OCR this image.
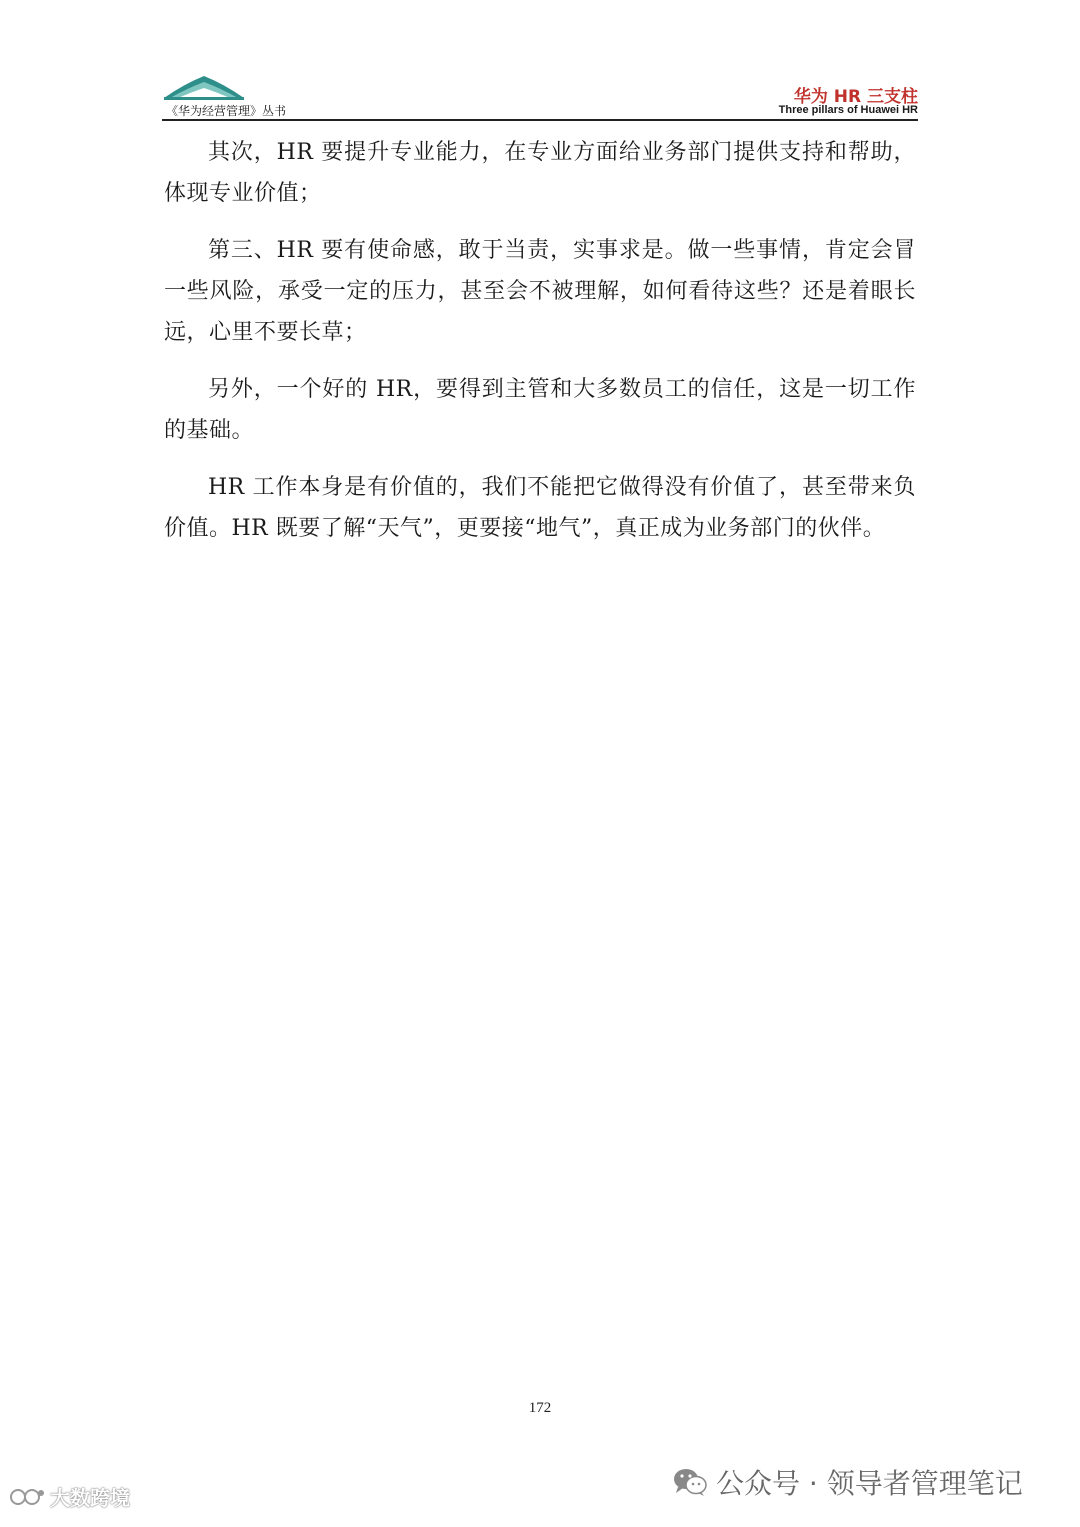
《华为经营管理》丛书
华为 HR 三支柱
Three pillars of Huawei HR

其次，HR 要提升专业能力，在专业方面给业务部门提供支持和帮助，体现专业价值；

第三、HR 要有使命感，敢于当责，实事求是。做一些事情，肯定会冒一些风险，承受一定的压力，甚至会不被理解，如何看待这些？还是着眼长远，心里不要长草；

另外，一个好的 HR，要得到主管和大多数员工的信任，这是一切工作的基础。

HR 工作本身是有价值的，我们不能把它做得没有价值了，甚至带来负价值。HR 既要了解“天气”，更要接“地气”，真正成为业务部门的伙伴。

172
大数跨境	公众号 · 领导者管理笔记
